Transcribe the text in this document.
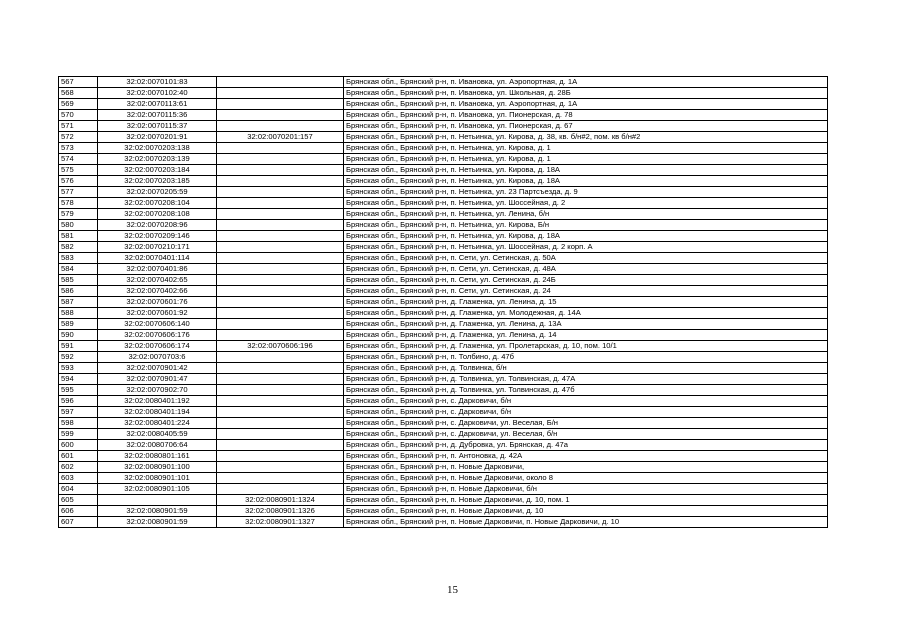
567	32:02:0070101:83		Брянская обл., Брянский р-н, п. Ивановка, ул. Аэропортная, д. 1А
568	32:02:0070102:40		Брянская обл., Брянский р-н, п. Ивановка, ул. Школьная, д. 28Б
569	32:02:0070113:61		Брянская обл., Брянский р-н, п. Ивановка, ул. Аэропортная, д. 1А
570	32:02:0070115:36		Брянская обл., Брянский р-н, п. Ивановка, ул. Пионерская, д. 78
571	32:02:0070115:37		Брянская обл., Брянский р-н, п. Ивановка, ул. Пионерская, д. 67
572	32:02:0070201:91	32:02:0070201:157	Брянская обл., Брянский р-н, п. Нетьинка, ул. Кирова, д. 38, кв. б/н#2, пом. кв б/н#2
573	32:02:0070203:138		Брянская обл., Брянский р-н, п. Нетьинка, ул. Кирова, д. 1
574	32:02:0070203:139		Брянская обл., Брянский р-н, п. Нетьинка, ул. Кирова, д. 1
575	32:02:0070203:184		Брянская обл., Брянский р-н, п. Нетьинка, ул. Кирова, д. 18А
576	32:02:0070203:185		Брянская обл., Брянский р-н, п. Нетьинка, ул. Кирова, д. 18А
577	32:02:0070205:59		Брянская обл., Брянский р-н, п. Нетьинка, ул. 23 Партсъезда, д. 9
578	32:02:0070208:104		Брянская обл., Брянский р-н, п. Нетьинка, ул. Шоссейная, д. 2
579	32:02:0070208:108		Брянская обл., Брянский р-н, п. Нетьинка, ул. Ленина, б/н
580	32:02:0070208:96		Брянская обл., Брянский р-н, п. Нетьинка, ул. Кирова, Б/н
581	32:02:0070209:146		Брянская обл., Брянский р-н, п. Нетьинка, ул. Кирова, д. 18А
582	32:02:0070210:171		Брянская обл., Брянский р-н, п. Нетьинка, ул. Шоссейная, д. 2 корп. А
583	32:02:0070401:114		Брянская обл., Брянский р-н, п. Сети, ул. Сетинская, д. 50А
584	32:02:0070401:86		Брянская обл., Брянский р-н, п. Сети, ул. Сетинская, д. 48А
585	32:02:0070402:65		Брянская обл., Брянский р-н, п. Сети, ул. Сетинская, д. 24Б
586	32:02:0070402:66		Брянская обл., Брянский р-н, п. Сети, ул. Сетинская, д. 24
587	32:02:0070601:76		Брянская обл., Брянский р-н, д. Глаженка, ул. Ленина, д. 15
588	32:02:0070601:92		Брянская обл., Брянский р-н, д. Глаженка, ул. Молодежная, д. 14А
589	32:02:0070606:140		Брянская обл., Брянский р-н, д. Глаженка, ул. Ленина, д. 13А
590	32:02:0070606:176		Брянская обл., Брянский р-н, д. Глаженка, ул. Ленина, д. 14
591	32:02:0070606:174	32:02:0070606:196	Брянская обл., Брянский р-н, д. Глаженка, ул. Пролетарская, д. 10, пом. 10/1
592	32:02:0070703:6		Брянская обл., Брянский р-н, п. Толбино, д. 47б
593	32:02:0070901:42		Брянская обл., Брянский р-н, д. Толвинка, б/н
594	32:02:0070901:47		Брянская обл., Брянский р-н, д. Толвинка, ул. Толвинская, д. 47А
595	32:02:0070902:70		Брянская обл., Брянский р-н, д. Толвинка, ул. Толвинская, д. 47б
596	32:02:0080401:192		Брянская обл., Брянский р-н, с. Дарковичи, б/н
597	32:02:0080401:194		Брянская обл., Брянский р-н, с. Дарковичи, б/н
598	32:02:0080401:224		Брянская обл., Брянский р-н, с. Дарковичи, ул. Веселая, Б/н
599	32:02:0080405:59		Брянская обл., Брянский р-н, с. Дарковичи, ул. Веселая, б/н
600	32:02:0080706:64		Брянская обл., Брянский р-н, д. Дубровка, ул. Брянская, д. 47а
601	32:02:0080801:161		Брянская обл., Брянский р-н, п. Антоновка, д. 42А
602	32:02:0080901:100		Брянская обл., Брянский р-н, п. Новые Дарковичи,
603	32:02:0080901:101		Брянская обл., Брянский р-н, п. Новые Дарковичи, около 8
604	32:02:0080901:105		Брянская обл., Брянский р-н, п. Новые Дарковичи, б/н
605		32:02:0080901:1324	Брянская обл., Брянский р-н, п. Новые Дарковичи, д. 10, пом. 1
606	32:02:0080901:59	32:02:0080901:1326	Брянская обл., Брянский р-н, п. Новые Дарковичи, д. 10
607	32:02:0080901:59	32:02:0080901:1327	Брянская обл., Брянский р-н, п. Новые Дарковичи, п. Новые Дарковичи, д. 10
15
